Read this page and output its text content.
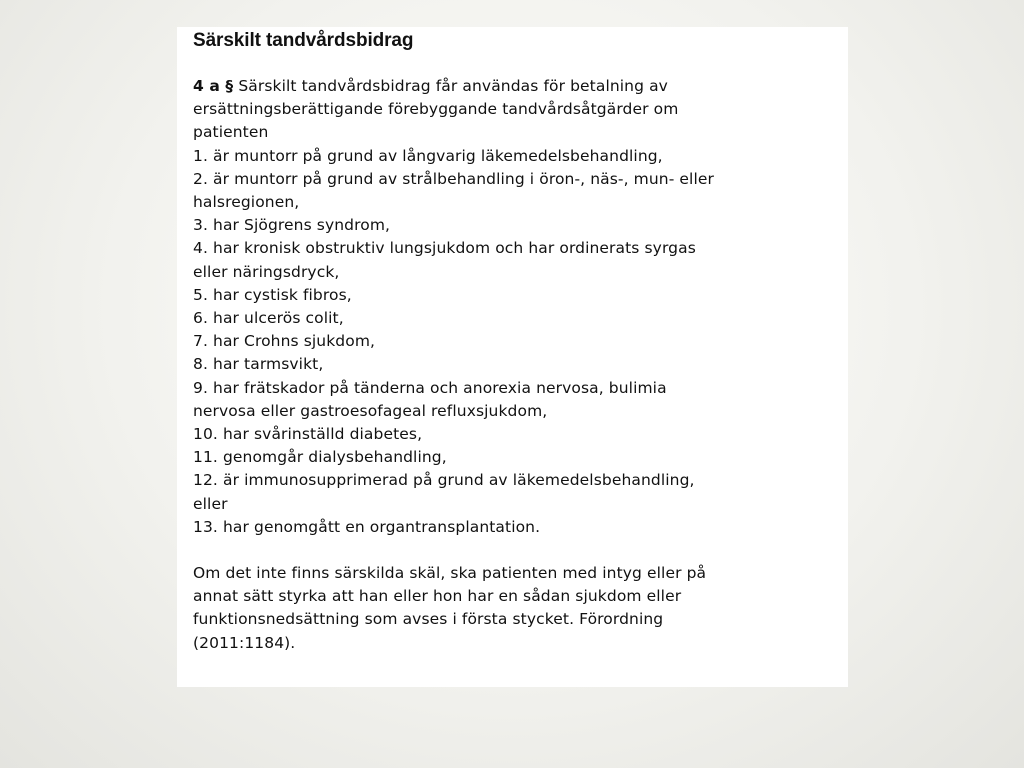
Särskilt tandvårdsbidrag
4 a § Särskilt tandvårdsbidrag får användas för betalning av
ersättningsberättigande förebyggande tandvårdsåtgärder om
patienten
1. är muntorr på grund av långvarig läkemedelsbehandling,
2. är muntorr på grund av strålbehandling i öron-, näs-, mun- eller
halsregionen,
3. har Sjögrens syndrom,
4. har kronisk obstruktiv lungsjukdom och har ordinerats syrgas
eller näringsdryck,
5. har cystisk fibros,
6. har ulcerös colit,
7. har Crohns sjukdom,
8. har tarmsvikt,
9. har frätskador på tänderna och anorexia nervosa, bulimia
nervosa eller gastroesofageal refluxsjukdom,
10. har svårinställd diabetes,
11. genomgår dialysbehandling,
12. är immunosupprimerad på grund av läkemedelsbehandling,
eller
13. har genomgått en organtransplantation.
Om det inte finns särskilda skäl, ska patienten med intyg eller på
annat sätt styrka att han eller hon har en sådan sjukdom eller
funktionsnedsättning som avses i första stycket. Förordning
(2011:1184).
